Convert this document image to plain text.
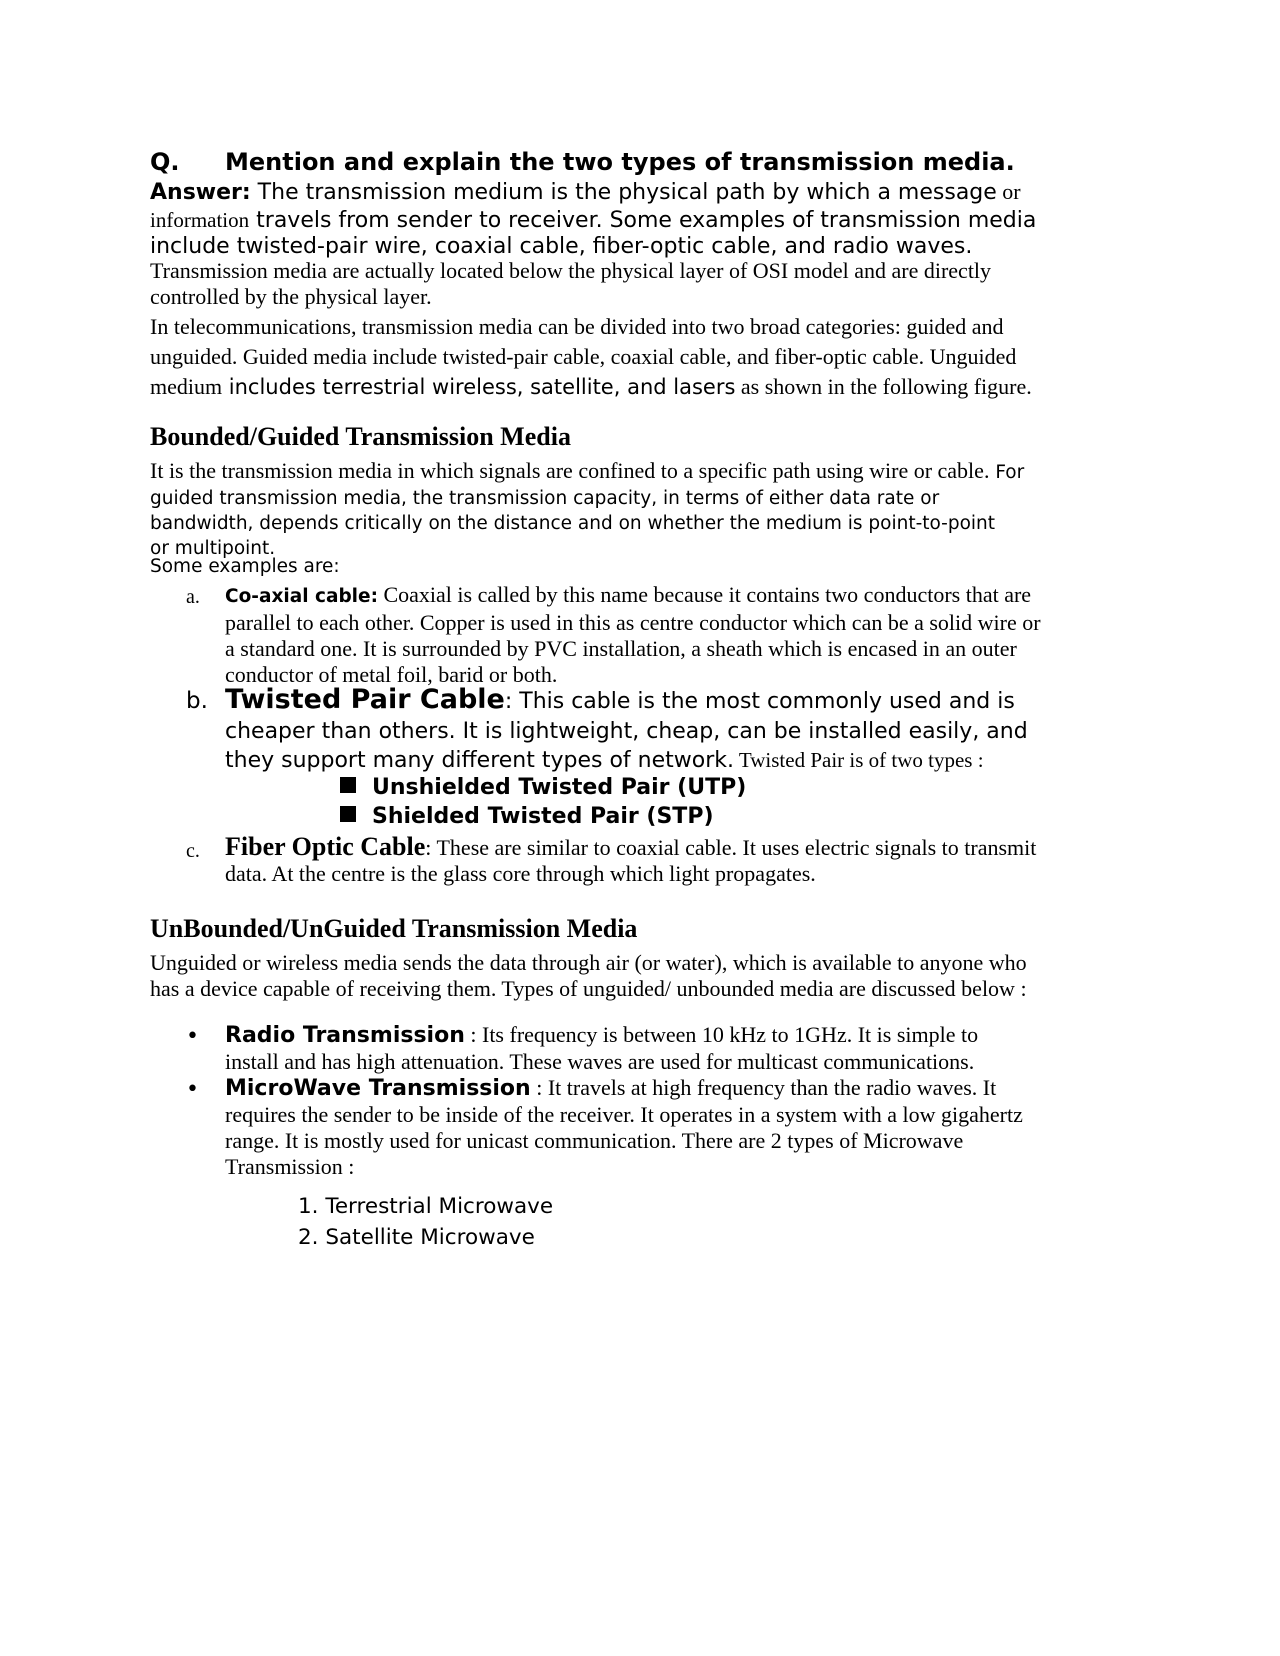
Q. Mention and explain the two types of transmission media.
Answer: The transmission medium is the physical path by which a message or
information travels from sender to receiver. Some examples of transmission media
include twisted-pair wire, coaxial cable, fiber-optic cable, and radio waves.
Transmission media are actually located below the physical layer of OSI model and are directly
controlled by the physical layer.
In telecommunications, transmission media can be divided into two broad categories: guided and
unguided. Guided media include twisted-pair cable, coaxial cable, and fiber-optic cable. Unguided
medium includes terrestrial wireless, satellite, and lasers as shown in the following figure.
Bounded/Guided Transmission Media
It is the transmission media in which signals are confined to a specific path using wire or cable. For
guided transmission media, the transmission capacity, in terms of either data rate or
bandwidth, depends critically on the distance and on whether the medium is point-to-point
or multipoint.
Some examples are:
a. Co-axial cable: Coaxial is called by this name because it contains two conductors that are
parallel to each other. Copper is used in this as centre conductor which can be a solid wire or
a standard one. It is surrounded by PVC installation, a sheath which is encased in an outer
conductor of metal foil, barid or both.
b. Twisted Pair Cable: This cable is the most commonly used and is
cheaper than others. It is lightweight, cheap, can be installed easily, and
they support many different types of network. Twisted Pair is of two types :
Unshielded Twisted Pair (UTP)
Shielded Twisted Pair (STP)
c. Fiber Optic Cable: These are similar to coaxial cable. It uses electric signals to transmit
data. At the centre is the glass core through which light propagates.
UnBounded/UnGuided Transmission Media
Unguided or wireless media sends the data through air (or water), which is available to anyone who
has a device capable of receiving them. Types of unguided/ unbounded media are discussed below :
• Radio Transmission : Its frequency is between 10 kHz to 1GHz. It is simple to
install and has high attenuation. These waves are used for multicast communications.
• MicroWave Transmission : It travels at high frequency than the radio waves. It
requires the sender to be inside of the receiver. It operates in a system with a low gigahertz
range. It is mostly used for unicast communication. There are 2 types of Microwave
Transmission :
1. Terrestrial Microwave
2. Satellite Microwave
